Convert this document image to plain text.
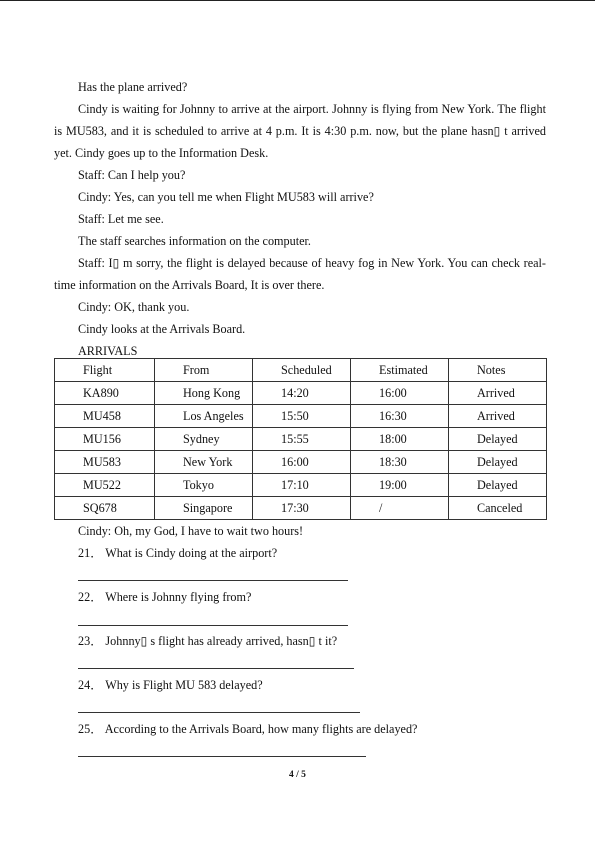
Has the plane arrived?
Cindy is waiting for Johnny to arrive at the airport. Johnny is flying from New York. The flight is MU583, and it is scheduled to arrive at 4 p.m. It is 4:30 p.m. now, but the plane hasn▯ t arrived yet. Cindy goes up to the Information Desk.
Staff: Can I help you?
Cindy: Yes, can you tell me when Flight MU583 will arrive?
Staff: Let me see.
The staff searches information on the computer.
Staff: I▯ m sorry, the flight is delayed because of heavy fog in New York. You can check real-time information on the Arrivals Board, It is over there.
Cindy: OK, thank you.
Cindy looks at the Arrivals Board.
ARRIVALS
Flight	From	Scheduled	Estimated	Notes
KA890	Hong Kong	14:20	16:00	Arrived
MU458	Los Angeles	15:50	16:30	Arrived
MU156	Sydney	15:55	18:00	Delayed
MU583	New York	16:00	18:30	Delayed
MU522	Tokyo	17:10	19:00	Delayed
SQ678	Singapore	17:30	/	Canceled
Cindy: Oh, my God, I have to wait two hours!
21． What is Cindy doing at the airport?
22． Where is Johnny flying from?
23． Johnny▯ s flight has already arrived, hasn▯ t it?
24． Why is Flight MU 583 delayed?
25． According to the Arrivals Board, how many flights are delayed?
4 / 5
